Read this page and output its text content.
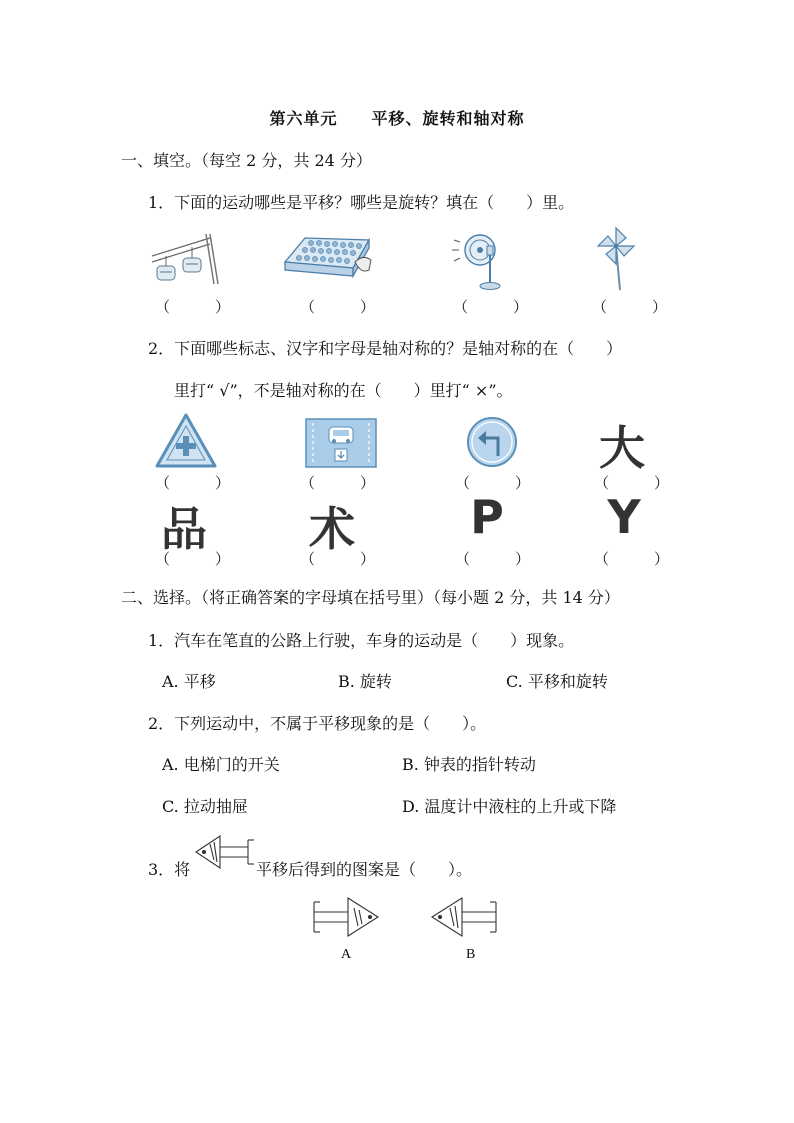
第六单元 平移、旋转和轴对称
一、填空。（每空 2 分，共 24 分）
1．下面的运动哪些是平移？哪些是旋转？填在（　　）里。
（　　　）	（　　　）	（　　　）	（　　　）
2．下面哪些标志、汉字和字母是轴对称的？是轴对称的在（　　）
里打“ √”，不是轴对称的在（　　）里打“ ×”。
大
（　　　）	（　　　）	（　　　）	（　　　）
品 术	P Y
（　　　）	（　　　）	（　　　）	（　　　）
二、选择。（将正确答案的字母填在括号里）（每小题 2 分，共 14 分）
1．汽车在笔直的公路上行驶，车身的运动是（　　）现象。
A. 平移	B. 旋转	C. 平移和旋转
2．下列运动中，不属于平移现象的是（　　）。
A. 电梯门的开关	B. 钟表的指针转动
C. 拉动抽屉	D. 温度计中液柱的上升或下降
3．将	平移后得到的图案是（　　）。
A	B
